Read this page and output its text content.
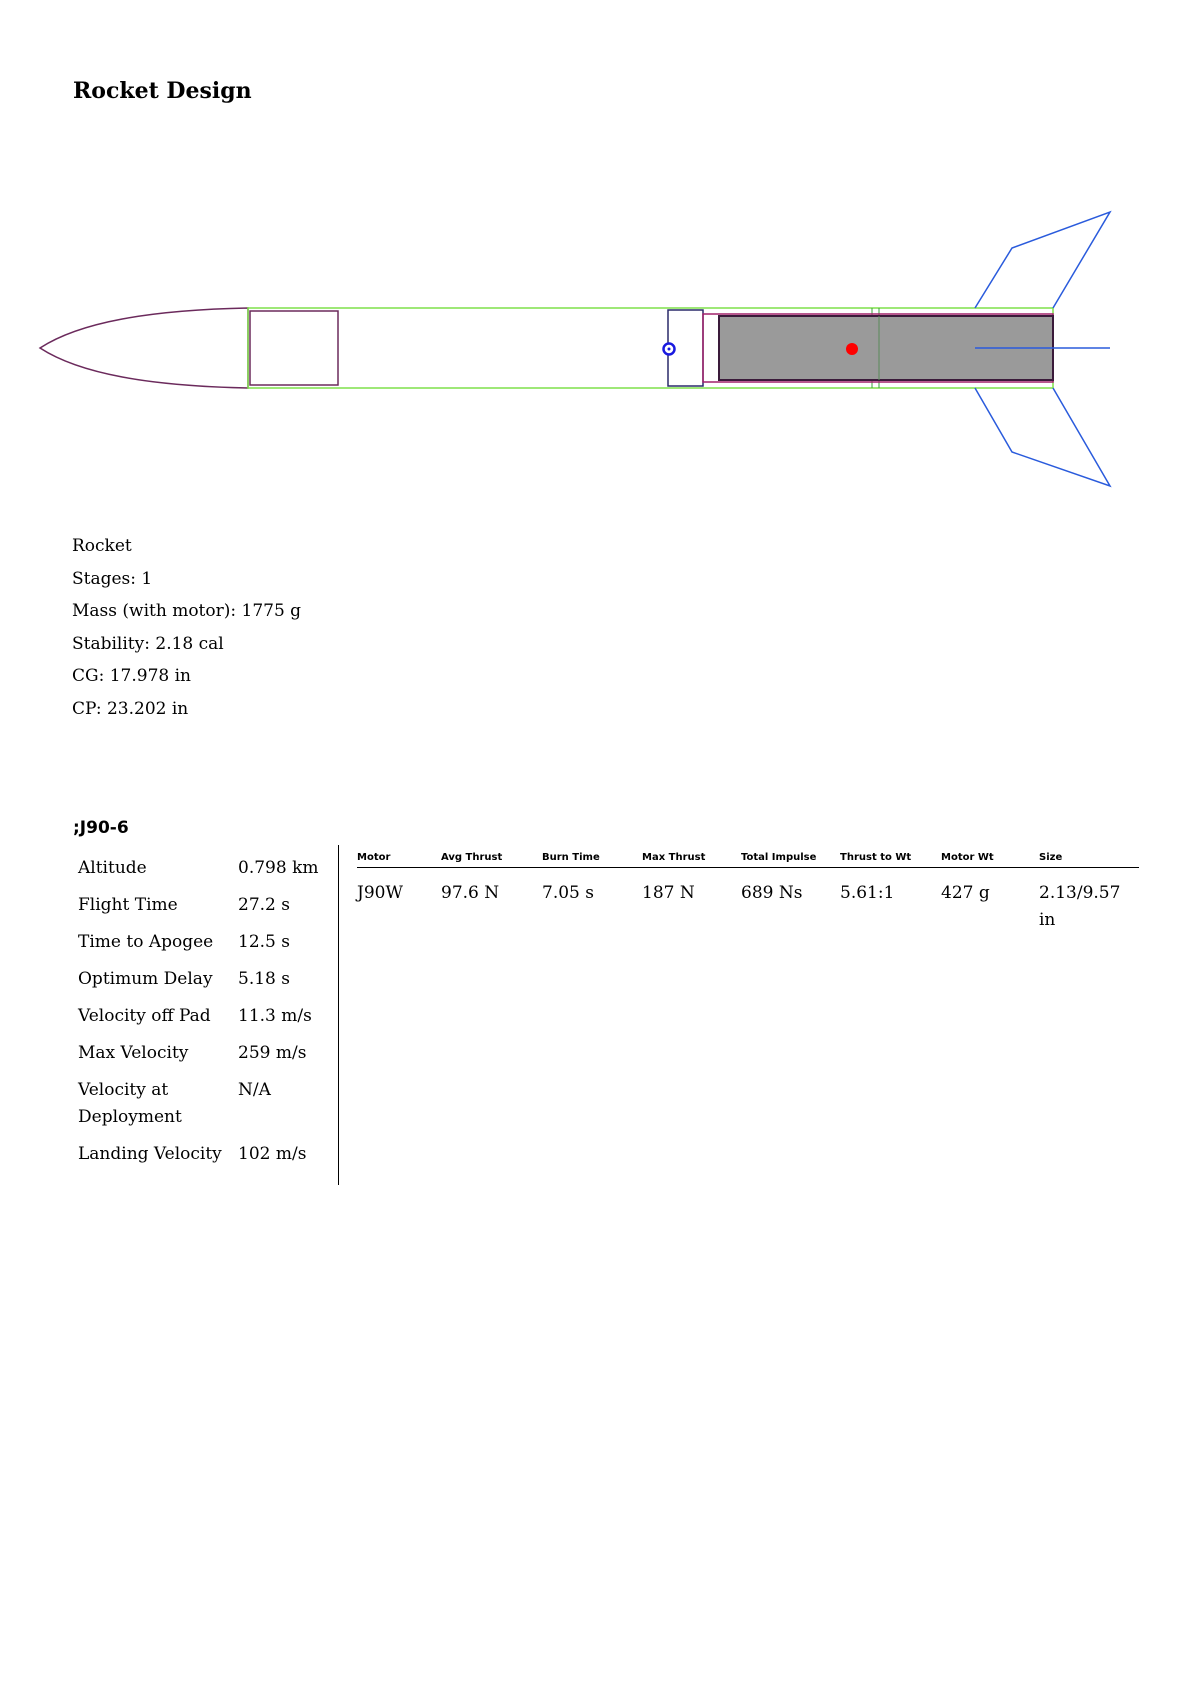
Rocket Design
Rocket
Stages: 1
Mass (with motor): 1775 g
Stability: 2.18 cal
CG: 17.978 in
CP: 23.202 in
;J90-6
Altitude	0.798 km
Flight Time	27.2 s
Time to Apogee	12.5 s
Optimum Delay	5.18 s
Velocity off Pad	11.3 m/s
Max Velocity	259 m/s
Velocity at Deployment	N/A
Landing Velocity	102 m/s
Motor	Avg Thrust	Burn Time	Max Thrust	Total Impulse	Thrust to Wt	Motor Wt	Size
J90W	97.6 N	7.05 s	187 N	689 Ns	5.61:1	427 g	2.13/9.57 in
